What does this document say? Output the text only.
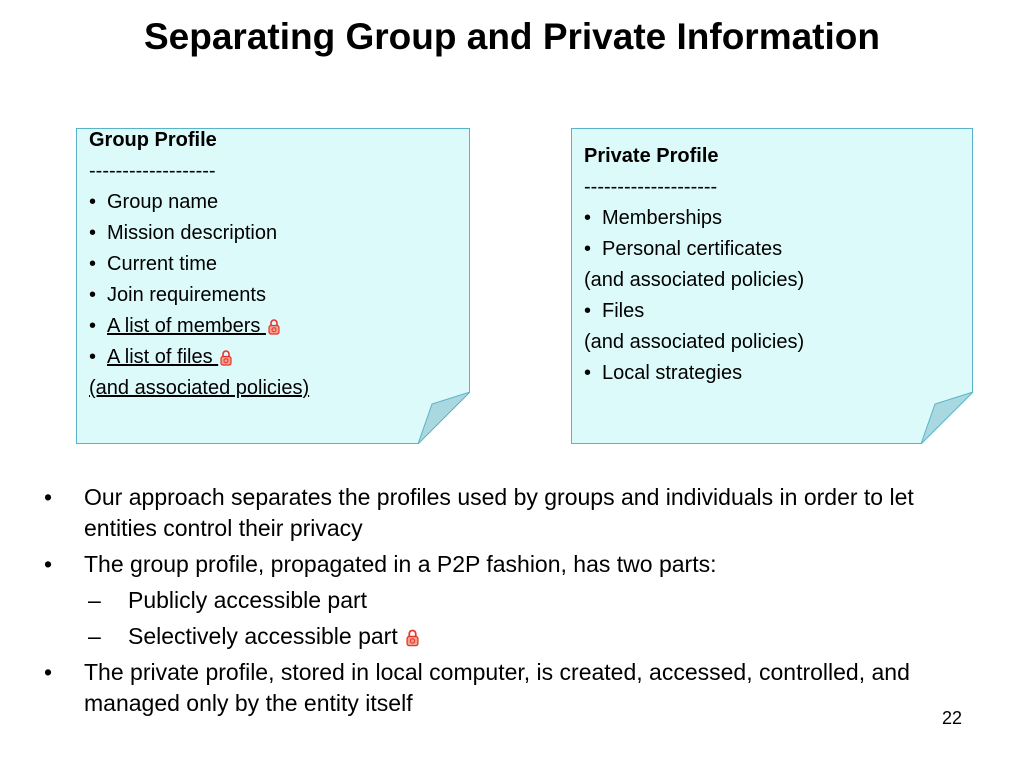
Separating Group and Private Information
Group Profile
-------------------
• Group name
• Mission description
• Current time
• Join requirements
• A list of members
• A list of files
(and associated policies)
Private Profile
--------------------
• Memberships
• Personal certificates
(and associated policies)
• Files
(and associated policies)
• Local strategies
• Our approach separates the profiles used by groups and individuals in order to let entities control their privacy
• The group profile, propagated in a P2P fashion, has two parts:
– Publicly accessible part
– Selectively accessible part
• The private profile, stored in local computer, is created, accessed, controlled, and managed only by the entity itself
22
